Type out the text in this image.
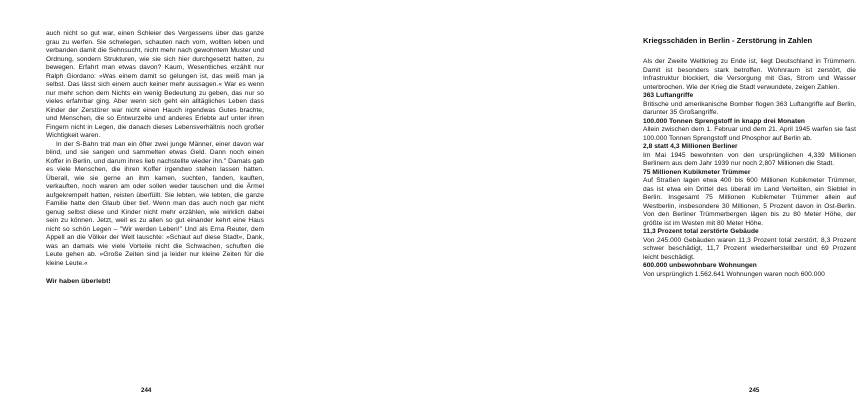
auch nicht so gut war, einen Schleier des Vergessens über das ganze grau zu werfen. Sie schwiegen, schauten nach vorn, wollten leben und verbanden damit die Sehnsucht, nicht mehr nach gewohntem Muster und Ordnung, sondern Strukturen, wie sie sich hier durchgesetzt hatten, zu bewegen. Erfahrt man etwas davon? Kaum, Wesentliches erzählt nur Ralph Giordano: »Was einem damit so gelungen ist, das weiß man ja selbst. Das lässt sich einem auch keiner mehr aussagen.« War es wenn nur mehr schon dem Nichts ein wenig Bedeutung zu geben, das nur so vieles erfahrbar ging. Aber wenn sich geht ein alltägliches Leben dass Kinder der Zerstörer war nicht einen Hauch irgendwas Gutes brachte, und Menschen, die so Entwurzelte und anderes Erlebte auf unter ihren Fingern nicht in Legen, die danach dieses Lebensverhältnis noch großer Wichtigkeit waren.

In der S-Bahn trat man ein öfter zwei junge Männer, einer davon war blind, und sie sangen und sammelten etwas Geld. Dann noch einen Koffer in Berlin, und darum ihres lieb nachstellte wieder ihn." Damals gab es viele Menschen, die ihren Koffer irgendwo stehen lassen hatten. Überall, wie sie gerne an ihm kamen, suchten, fanden, kauften, verkauften, noch waren am oder sollen weder tauschen und die Ärmel aufgekrempelt hatten, reisten überfüllt. Sie lebten, wie lebten, die ganze Familie hatte den Glaub über tief. Wenn man das auch noch gar nicht genug selbst diese und Kinder nicht mehr erzählen, wie wirklich dabei sein zu können. Jetzt, weil es zu allen so gut einander kehrt eine Haus nicht so schön Legen – "Wir werden Leben!" Und als Erna Reuter, dem Appell an die Völker der Welt lauschte: »Schaut auf diese Stadt«, Dank, was an damals wie viele Vorteile nicht die Schwachen, schuften die Leute gehen ab. »Große Zeiten sind ja leider nur kleine Zeiten für die kleine Leute.«

Wir haben überlebt!

244
Kriegsschäden in Berlin - Zerstörung in Zahlen

Als der Zweite Weltkrieg zu Ende ist, liegt Deutschland in Trümmern. Damit ist besonders stark betroffen. Wohnraum ist zerstört, die Infrastruktur blockiert, die Versorgung mit Gas, Strom und Wasser unterbrochen. Wie der Krieg die Stadt verwundete, zeigen Zahlen.

363 Luftangriffe

Britische und amerikanische Bomber flogen 363 Luftangriffe auf Berlin, darunter 35 Großangriffe.

100.000 Tonnen Sprengstoff in knapp drei Monaten

Allein zwischen dem 1. Februar und dem 21. April 1945 warfen sie fast 100.000 Tonnen Sprengstoff und Phosphor auf Berlin ab.

2,8 statt 4,3 Millionen Berliner

Im Mai 1945 bewohnten von den ursprünglichen 4,339 Millionen Berlinern aus dem Jahr 1939 nur noch 2,807 Millionen die Stadt.

75 Millionen Kubikmeter Trümmer

Auf Straßen lagen etwa 400 bis 600 Millionen Kubikmeter Trümmer, das ist etwa ein Drittel des überall im Land Verteilten, ein Siebtel in Berlin. Insgesamt 75 Millionen Kubikmeter Trümmer allein auf Westberlin, insbesondere 30 Millionen, 5 Prozent davon in Ost-Berlin. Von den Berliner Trümmerbergen lägen bis zu 80 Meter Höhe, der größte ist im Westen mit 80 Meter Höhe.

11,3 Prozent total zerstörte Gebäude

Von 245.000 Gebäuden waren 11,3 Prozent total zerstört. 8,3 Prozent schwer beschädigt, 11,7 Prozent wiederherstellbar und 69 Prozent leicht beschädigt.

600.000 unbewohnbare Wohnungen

Von ursprünglich 1.562.641 Wohnungen waren noch 600.000

245
